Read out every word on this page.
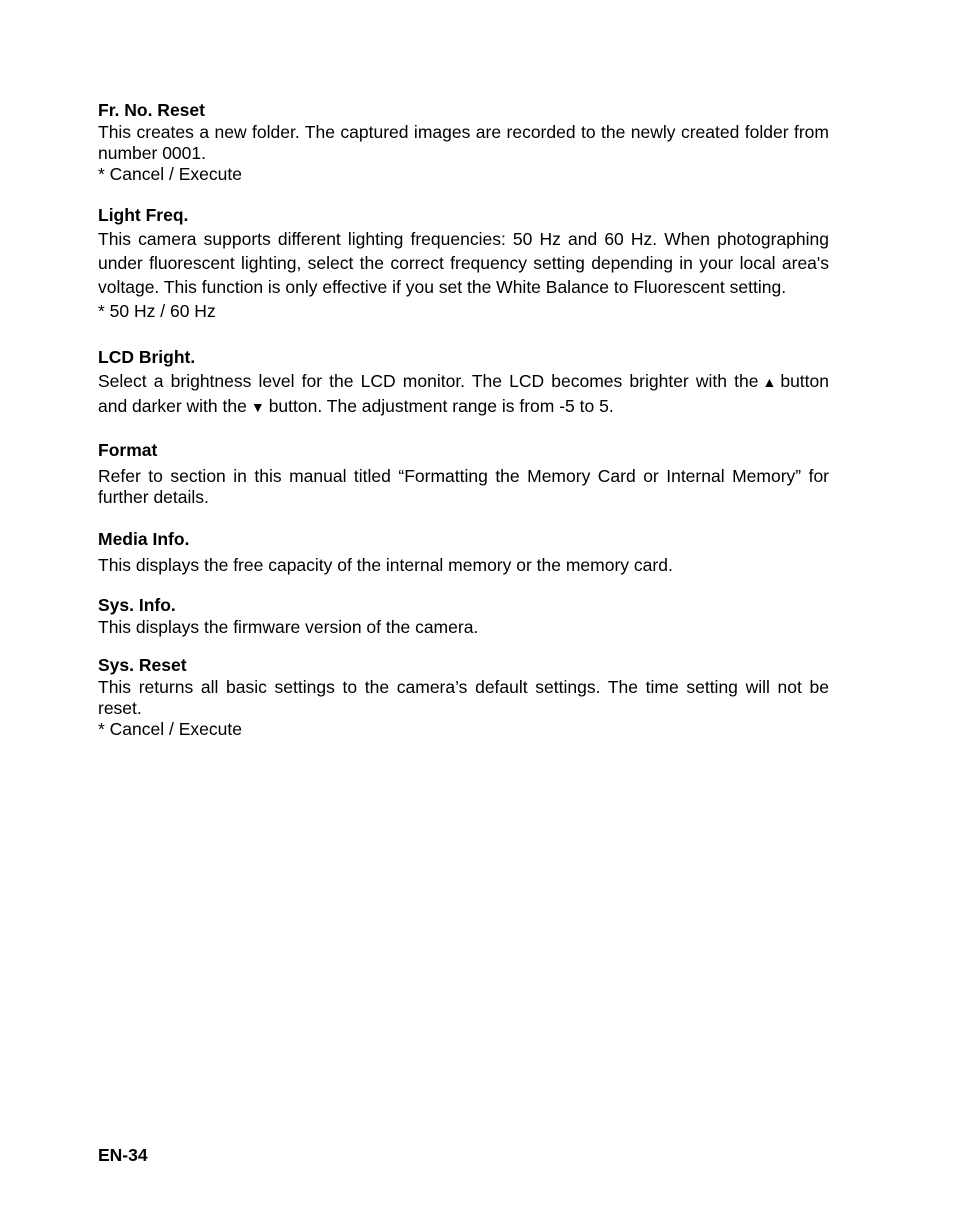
Fr. No. Reset

This creates a new folder. The captured images are recorded to the newly created folder from number 0001.

* Cancel / Execute

Light Freq.

This camera supports different lighting frequencies: 50 Hz and 60 Hz. When photographing under fluorescent lighting, select the correct frequency setting depending in your local area's voltage. This function is only effective if you set the White Balance to Fluorescent setting.

* 50 Hz / 60 Hz

LCD Bright.

Select a brightness level for the LCD monitor. The LCD becomes brighter with the ▲ button and darker with the ▼ button. The adjustment range is from -5 to 5.

Format

Refer to section in this manual titled “Formatting the Memory Card or Internal Memory” for further details.

Media Info.

This displays the free capacity of the internal memory or the memory card.

Sys. Info.

This displays the firmware version of the camera.

Sys. Reset

This returns all basic settings to the camera’s default settings. The time setting will not be reset.

* Cancel / Execute

EN-34
